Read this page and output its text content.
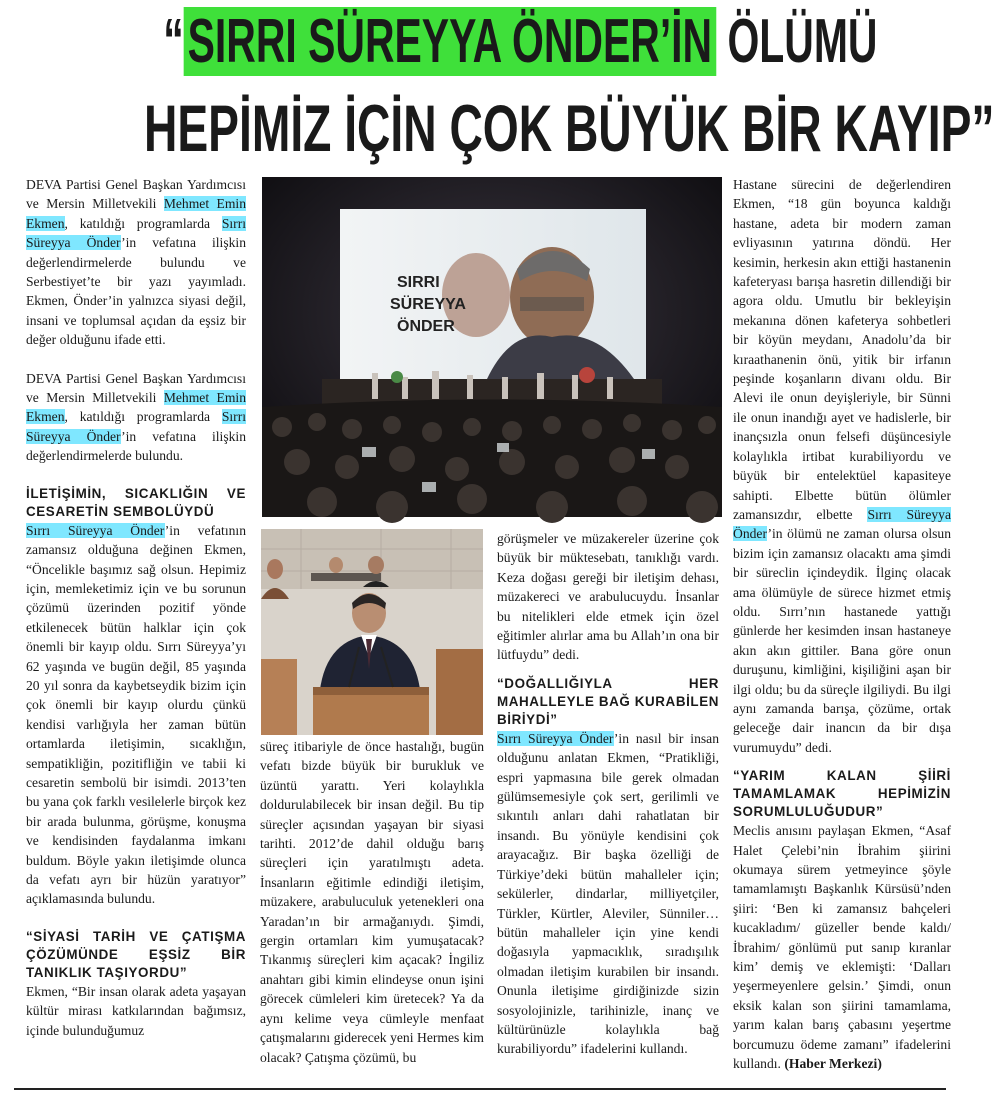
“SIRRI SÜREYYA ÖNDER’İN ÖLÜMÜ
HEPİMİZ İÇİN ÇOK BÜYÜK BİR KAYIP”

DEVA Partisi Genel Başkan Yardımcısı ve Mersin Milletvekili Mehmet Emin Ekmen, katıldığı programlarda Sırrı Süreyya Önder’in vefatına ilişkin değerlendirmelerde bulundu ve Serbestiyet’te bir yazı yayımladı. Ekmen, Önder’in yalnızca siyasi değil, insani ve toplumsal açıdan da eşsiz bir değer olduğunu ifade etti.

DEVA Partisi Genel Başkan Yardımcısı ve Mersin Milletvekili Mehmet Emin Ekmen, katıldığı programlarda Sırrı Süreyya Önder’in vefatına ilişkin değerlendirmelerde bulundu.

İLETİŞİMİN, SICAKLIĞIN VE CESARETİN SEMBOLÜYDÜ

Sırrı Süreyya Önder’in vefatının zamansız olduğuna değinen Ekmen, “Öncelikle başımız sağ olsun. Hepimiz için, memleketimiz için ve bu sorunun çözümü üzerinden pozitif yönde etkilenecek bütün halklar için çok önemli bir kayıp oldu. Sırrı Süreyya’yı 62 yaşında ve bugün değil, 85 yaşında 20 yıl sonra da kaybetseydik bizim için çok önemli bir kayıp olurdu çünkü kendisi varlığıyla her zaman bütün ortamlarda iletişimin, sıcaklığın, sempatikliğin, pozitifliğin ve tabii ki cesaretin sembolü bir isimdi. 2013’ten bu yana çok farklı vesilelerle birçok kez bir arada bulunma, görüşme, konuşma ve kendisinden faydalanma imkanı buldum. Böyle yakın iletişimde olunca da vefatı ayrı bir hüzün yaratıyor” açıklamasında bulundu.

“SİYASİ TARİH VE ÇATIŞMA ÇÖZÜMÜNDE EŞSİZ BİR TANIKLIK TAŞIYORDU”

Ekmen, “Bir insan olarak adeta yaşayan kültür mirası katkılarından bağımsız, içinde bulunduğumuz

SIRRI
SÜREYYA
ÖNDER

süreç itibariyle de önce hastalığı, bugün vefatı bizde büyük bir burukluk ve üzüntü yarattı. Yeri kolaylıkla doldurulabilecek bir insan değil. Bu tip süreçler açısından yaşayan bir siyasi tarihti. 2012’de dahil olduğu barış süreçleri için yaratılmıştı adeta. İnsanların eğitimle edindiği iletişim, müzakere, arabuluculuk yetenekleri ona Yaradan’ın bir armağanıydı. Şimdi, gergin ortamları kim yumuşatacak? Tıkanmış süreçleri kim açacak? İngiliz anahtarı gibi kimin elindeyse onun işini görecek cümleleri kim üretecek? Ya da aynı kelime veya cümleyle menfaat çatışmalarını giderecek yeni Hermes kim olacak? Çatışma çözümü, bu

görüşmeler ve müzakereler üzerine çok büyük bir müktesebatı, tanıklığı vardı. Keza doğası gereği bir iletişim dehası, müzakereci ve arabulucuydu. İnsanlar bu nitelikleri elde etmek için özel eğitimler alırlar ama bu Allah’ın ona bir lütfuydu” dedi.

“DOĞALLIĞIYLA HER MAHALLEYLE BAĞ KURABİLEN BİRİYDİ”

Sırrı Süreyya Önder’in nasıl bir insan olduğunu anlatan Ekmen, “Pratikliği, espri yapmasına bile gerek olmadan gülümsemesiyle çok sert, gerilimli ve sıkıntılı anları dahi rahatlatan bir insandı. Bu yönüyle kendisini çok arayacağız. Bir başka özelliği de Türkiye’deki bütün mahalleler için; sekülerler, dindarlar, milliyetçiler, Türkler, Kürtler, Aleviler, Sünniler… bütün mahalleler için yine kendi doğasıyla yapmacıklık, sıradışılık olmadan iletişim kurabilen bir insandı. Onunla iletişime girdiğinizde sizin sosyolojinizle, tarihinizle, inanç ve kültürünüzle kolaylıkla bağ kurabiliyordu” ifadelerini kullandı.

Hastane sürecini de değerlendiren Ekmen, “18 gün boyunca kaldığı hastane, adeta bir modern zaman evliyasının yatırına döndü. Her kesimin, herkesin akın ettiği hastanenin kafeteryası barışa hasretin dillendiği bir agora oldu. Umutlu bir bekleyişin mekanına dönen kafeterya sohbetleri bir köyün meydanı, Anadolu’da bir kıraathanenin önü, yitik bir irfanın peşinde koşanların divanı oldu. Bir Alevi ile onun deyişleriyle, bir Sünni ile onun inandığı ayet ve hadislerle, bir inançsızla onun felsefi düşüncesiyle kolaylıkla irtibat kurabiliyordu ve büyük bir entelektüel kapasiteye sahipti. Elbette bütün ölümler zamansızdır, elbette Sırrı Süreyya Önder’in ölümü ne zaman olursa olsun bizim için zamansız olacaktı ama şimdi bir süreclin içindeydik. İlginç olacak ama ölümüyle de sürece hizmet etmiş oldu. Sırrı’nın hastanede yattığı günlerde her kesimden insan hastaneye akın akın gittiler. Bana göre onun duruşunu, kimliğini, kişiliğini aşan bir ilgi oldu; bu da süreçle ilgiliydi. Bu ilgi aynı zamanda barışa, çözüme, ortak geleceğe dair inancın da bir dışa vurumuydu” dedi.

“YARIM KALAN ŞİİRİ TAMAMLAMAK HEPİMİZİN SORUMLULUĞUDUR”

Meclis anısını paylaşan Ekmen, “Asaf Halet Çelebi’nin İbrahim şiirini okumaya sürem yetmeyince şöyle tamamlamıştı Başkanlık Kürsüsü’nden şiiri: ‘Ben ki zamansız bahçeleri kucakladım/ güzeller bende kaldı/ İbrahim/ gönlümü put sanıp kıranlar kim’ demiş ve eklemişti: ‘Dalları yeşermeyenlere gelsin.’ Şimdi, onun eksik kalan son şiirini tamamlama, yarım kalan barış çabasını yeşertme borcumuzu ödeme zamanı” ifadelerini kullandı. (Haber Merkezi)
